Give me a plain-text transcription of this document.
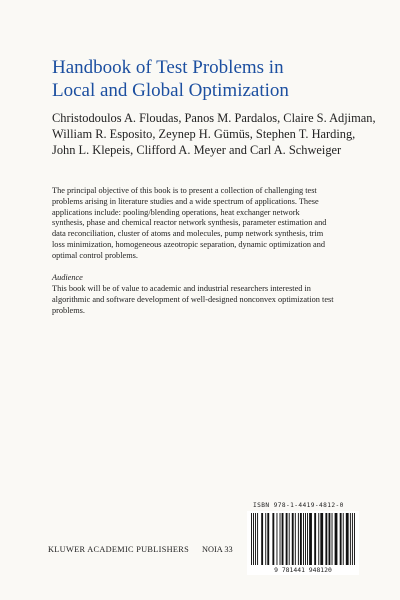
Handbook of Test Problems in
Local and Global Optimization
Christodoulos A. Floudas, Panos M. Pardalos, Claire S. Adjiman,
William R. Esposito, Zeynep H. Gümüs, Stephen T. Harding,
John L. Klepeis, Clifford A. Meyer and Carl A. Schweiger

The principal objective of this book is to present a collection of challenging test
problems arising in literature studies and a wide spectrum of applications. These
applications include: pooling/blending operations, heat exchanger network
synthesis, phase and chemical reactor network synthesis, parameter estimation and
data reconciliation, cluster of atoms and molecules, pump network synthesis, trim
loss minimization, homogeneous azeotropic separation, dynamic optimization and
optimal control problems.

Audience

This book will be of value to academic and industrial researchers interested in
algorithmic and software development of well-designed nonconvex optimization test
problems.

ISBN 978-1-4419-4812-0
9 781441 948120
KLUWER ACADEMIC PUBLISHERS NOIA 33
